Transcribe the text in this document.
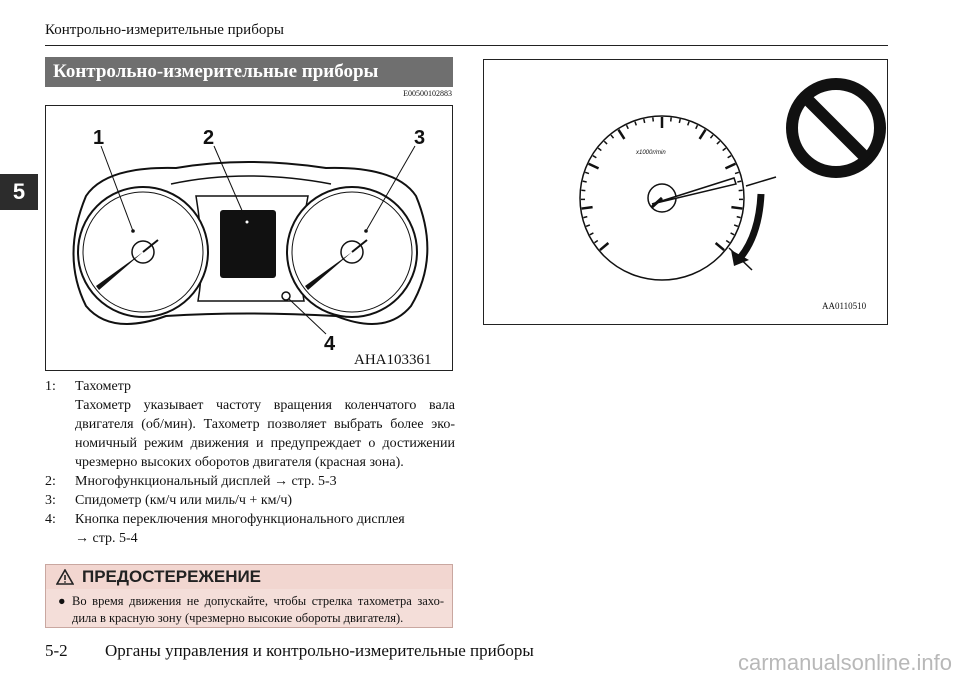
Контрольно-измерительные приборы
5
Контрольно-измерительные приборы
E00500102883
1	2	3
4
AHA103361
x1000r/min
AA0110510
1:	Тахометр
Тахометр указывает частоту вращения коленчатого вала двигателя (об/мин). Тахометр позволяет выбрать более эко-номичный режим движения и предупреждает о достижении чрезмерно высоких оборотов двигателя (красная зона).
2:	Многофункциональный дисплей → стр. 5-3
3:	Спидометр (км/ч или миль/ч + км/ч)
4:	Кнопка переключения многофункционального дисплея
→ стр. 5-4
ПРЕДОСТЕРЕЖЕНИЕ
● Во время движения не допускайте, чтобы стрелка тахометра захо-дила в красную зону (чрезмерно высокие обороты двигателя).
5-2 Органы управления и контрольно-измерительные приборы	carmanualsonline.info
